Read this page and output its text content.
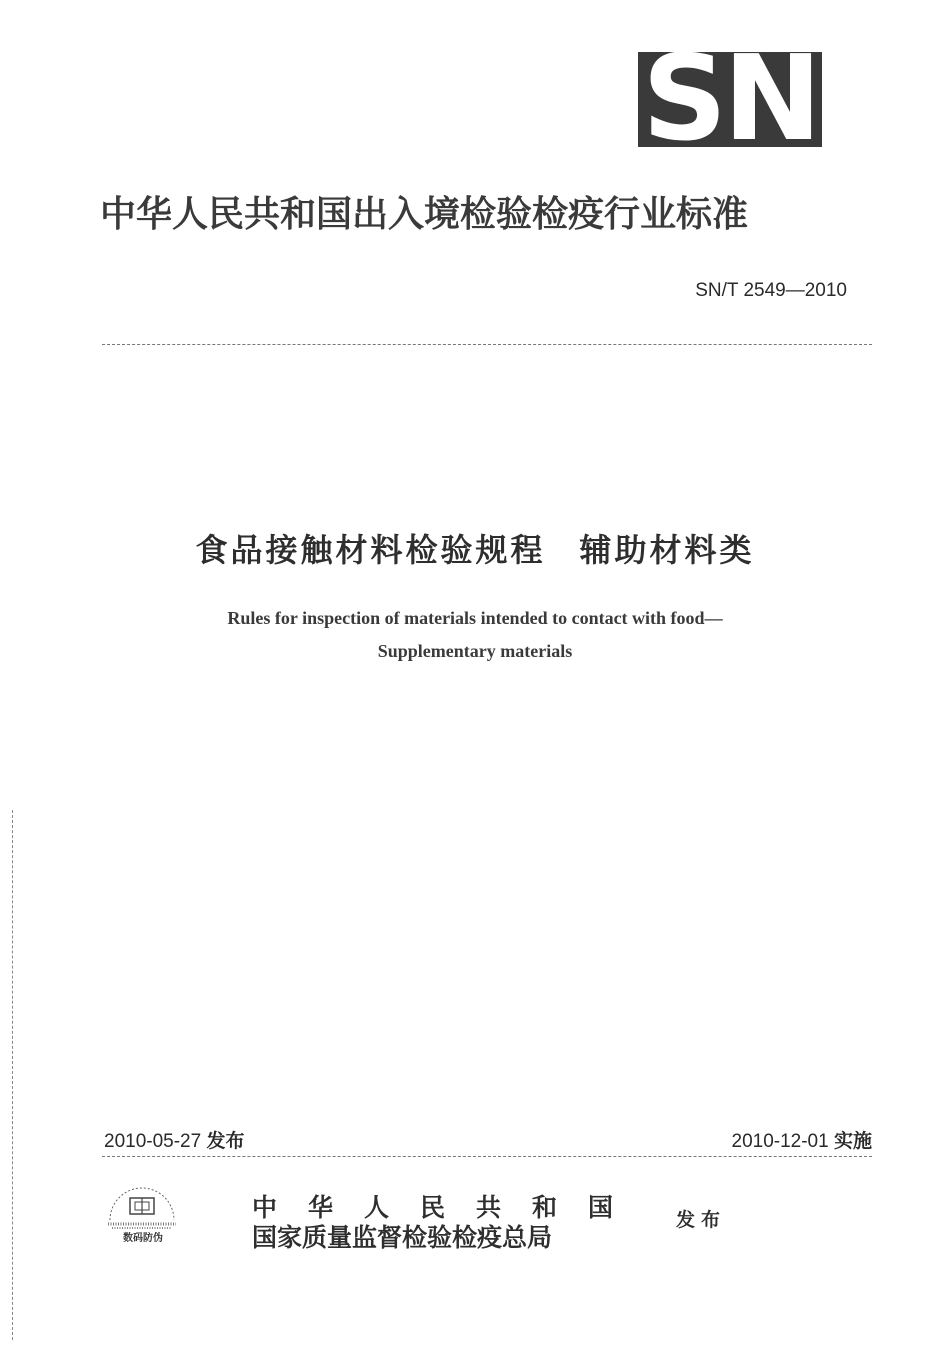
SN
中华人民共和国出入境检验检疫行业标准
SN/T 2549—2010
食品接触材料检验规程 辅助材料类
Rules for inspection of materials intended to contact with food—
Supplementary materials
2010-05-27 发布	2010-12-01 实施
数码防伪
中华人民共和国
国家质量监督检验检疫总局
发布
